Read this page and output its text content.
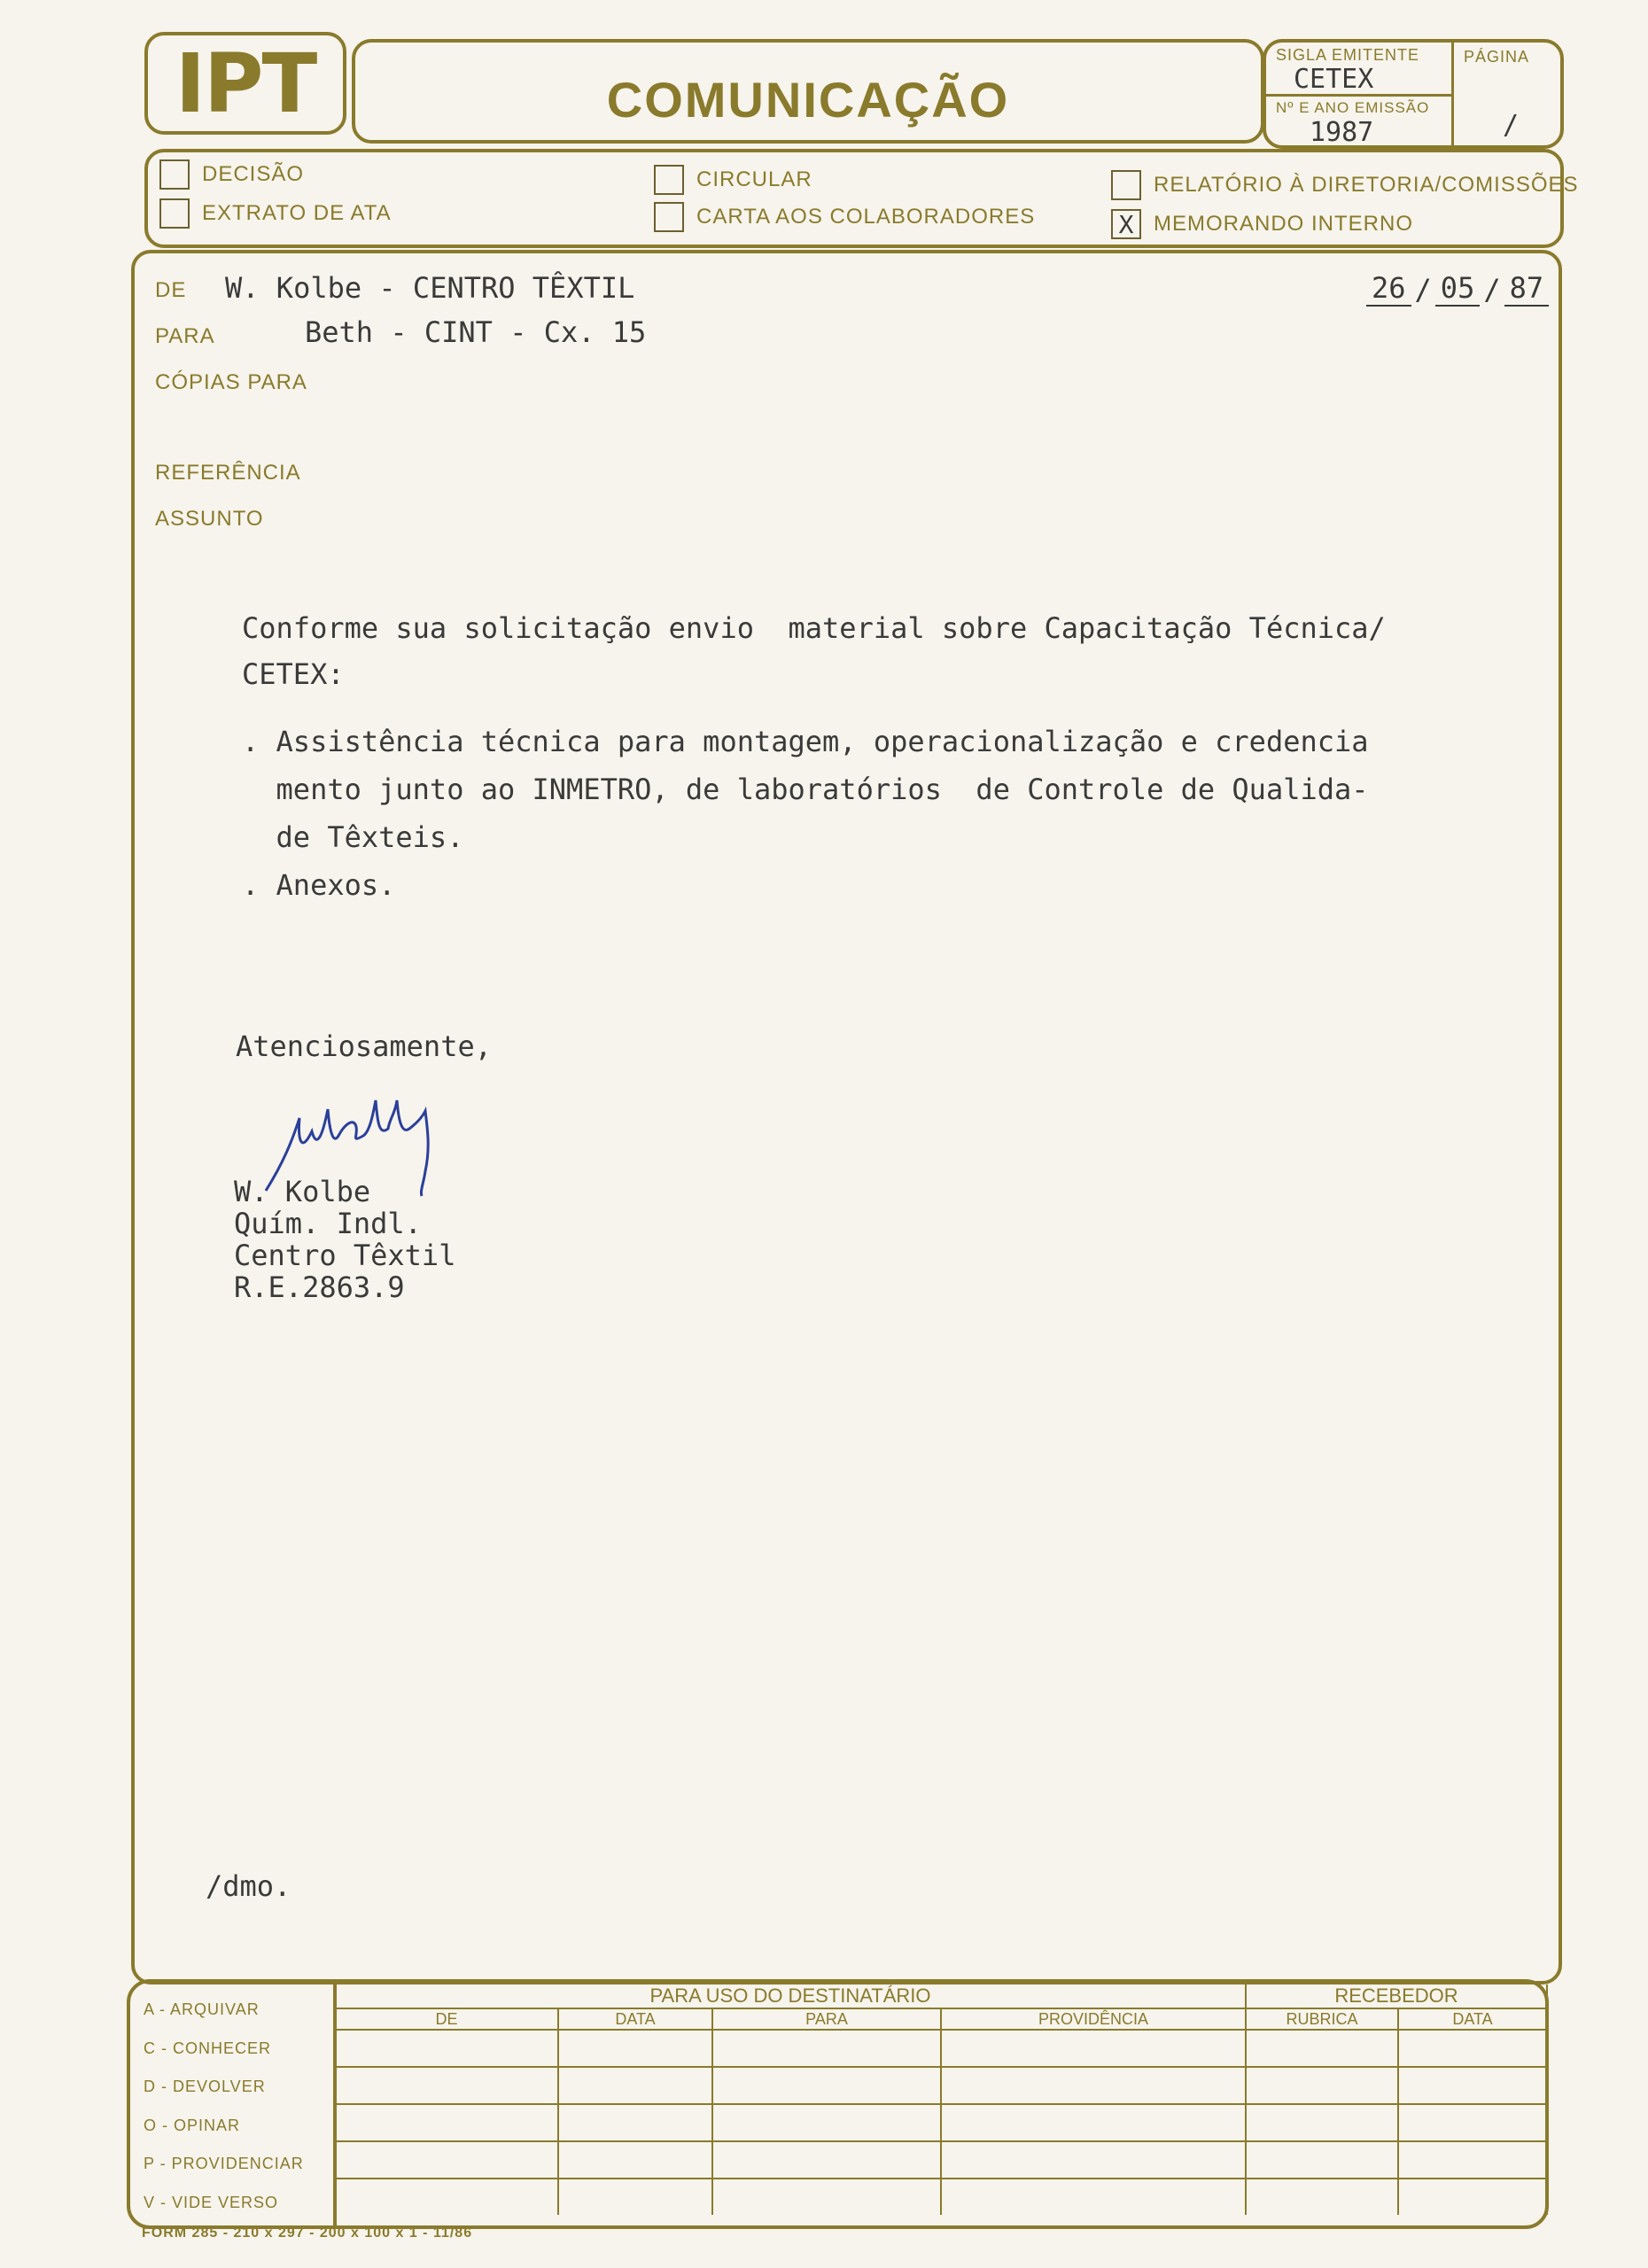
IPT	COMUNICAÇÃO
SIGLA EMITENTE
CETEX
Nº E ANO EMISSÃO
1987
PÁGINA
/
DECISÃO
EXTRATO DE ATA
CIRCULAR
CARTA AOS COLABORADORES
RELATÓRIO À DIRETORIA/COMISSÕES
X MEMORANDO INTERNO
DE W. Kolbe - CENTRO TÊXTIL
PARA	Beth - CINT - Cx. 15
CÓPIAS PARA
REFERÊNCIA
ASSUNTO
26 / 05 / 87
Conforme sua solicitação envio  material sobre Capacitação Técnica/
CETEX:
. Assistência técnica para montagem, operacionalização e credencia
mento junto ao INMETRO, de laboratórios  de Controle de Qualida-
de Têxteis.
. Anexos.
Atenciosamente,
W. Kolbe
Quím. Indl.
Centro Têxtil
R.E.2863.9
/dmo.
A - ARQUIVAR
C - CONHECER
D - DEVOLVER
O - OPINAR
P - PROVIDENCIAR
V - VIDE VERSO
PARA USO DO DESTINATÁRIO				RECEBEDOR	
DE	DATA	PARA	PROVIDÊNCIA	RUBRICA	DATA

FORM 285 - 210 x 297 - 200 x 100 x 1 - 11/86
